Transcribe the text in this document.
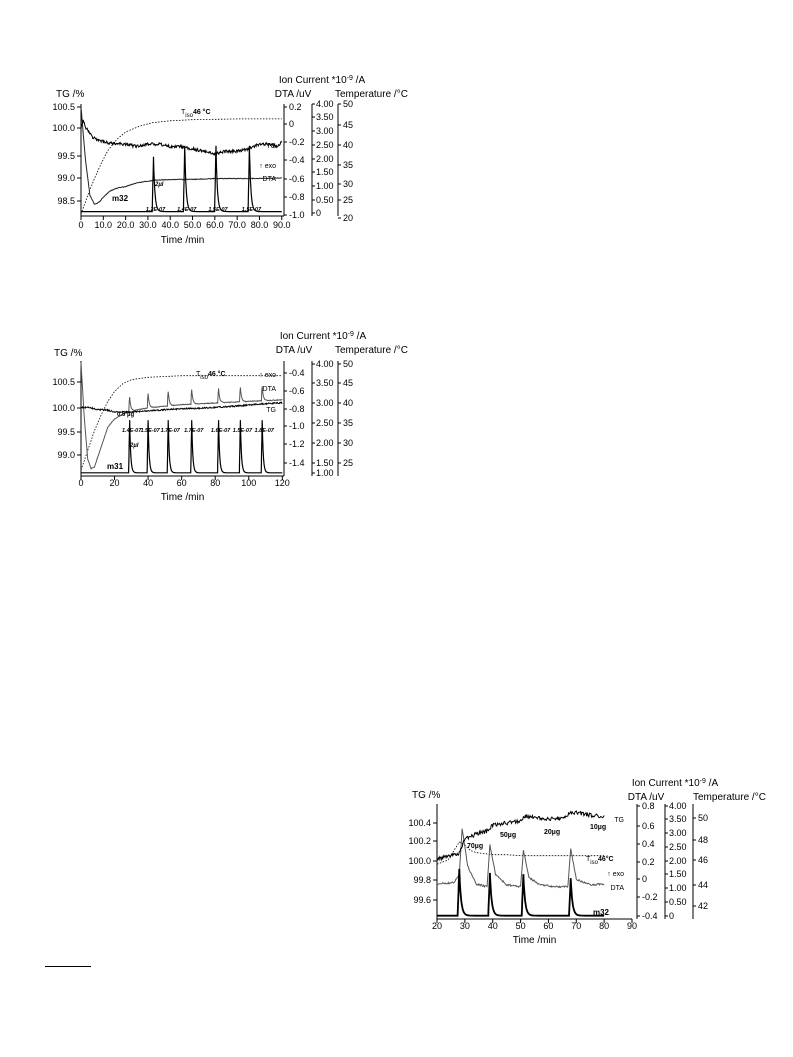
0 10.0 20.0 30.0 40.0 50.0 60.0 70.0 80.0 90.0
Time /min
100.5
100.0
99.5
99.0
98.5
TG /%
0.2
0
-0.2
-0.4
-0.6
-0.8
-1.0
4.00
3.50
3.00
2.50
2.00
1.50
1.00
0.50
0
50
45
40
35
30
25
20
Ion Current $*10^{-9}$ /A
DTA /uV Temperature /°C
TG
DTA
↑ exo
m32
$T_{iso}46$ °C
2µl
1.2E-07 1.4E-07 1.5E-07	1.5E-07
0	20	40	60	80 100 120
Time /min
100.5
100.0
99.5
99.0
TG /%
-0.4
-0.6
-0.8
-1.0
-1.2
-1.4
4.00
3.50
3.00
2.50
2.00
1.50
1.00
50
45
40
35
30
25
Ion Current $*10^{-9}$ /A
DTA /uV Temperature /°C
TG
DTA
↑ exo
m31
$T_{iso}46$ °C
2µl
0.6 µg
1.4E-07 1.5E-07 1.7E-07 1.7E-07 1.6E-07 1.5E-07 1.8E-07
20 30 40 50 60 70 80 90
Time /min
100.4
100.2
100.0
99.8
99.6
TG /%
0.8
0.6
0.4
0.2
0
-0.2
-0.4
4.00
3.50
3.00
2.50
2.00
1.50
1.00
0.50
0
50
48
46
44
42
Ion Current $*10^{-9}$ /A
DTA /uV	Temperature /°C
TG
DTA
↑ exo
m32
$T_{iso}46^\circ C$
70µg
50µg	20µg
10µg
